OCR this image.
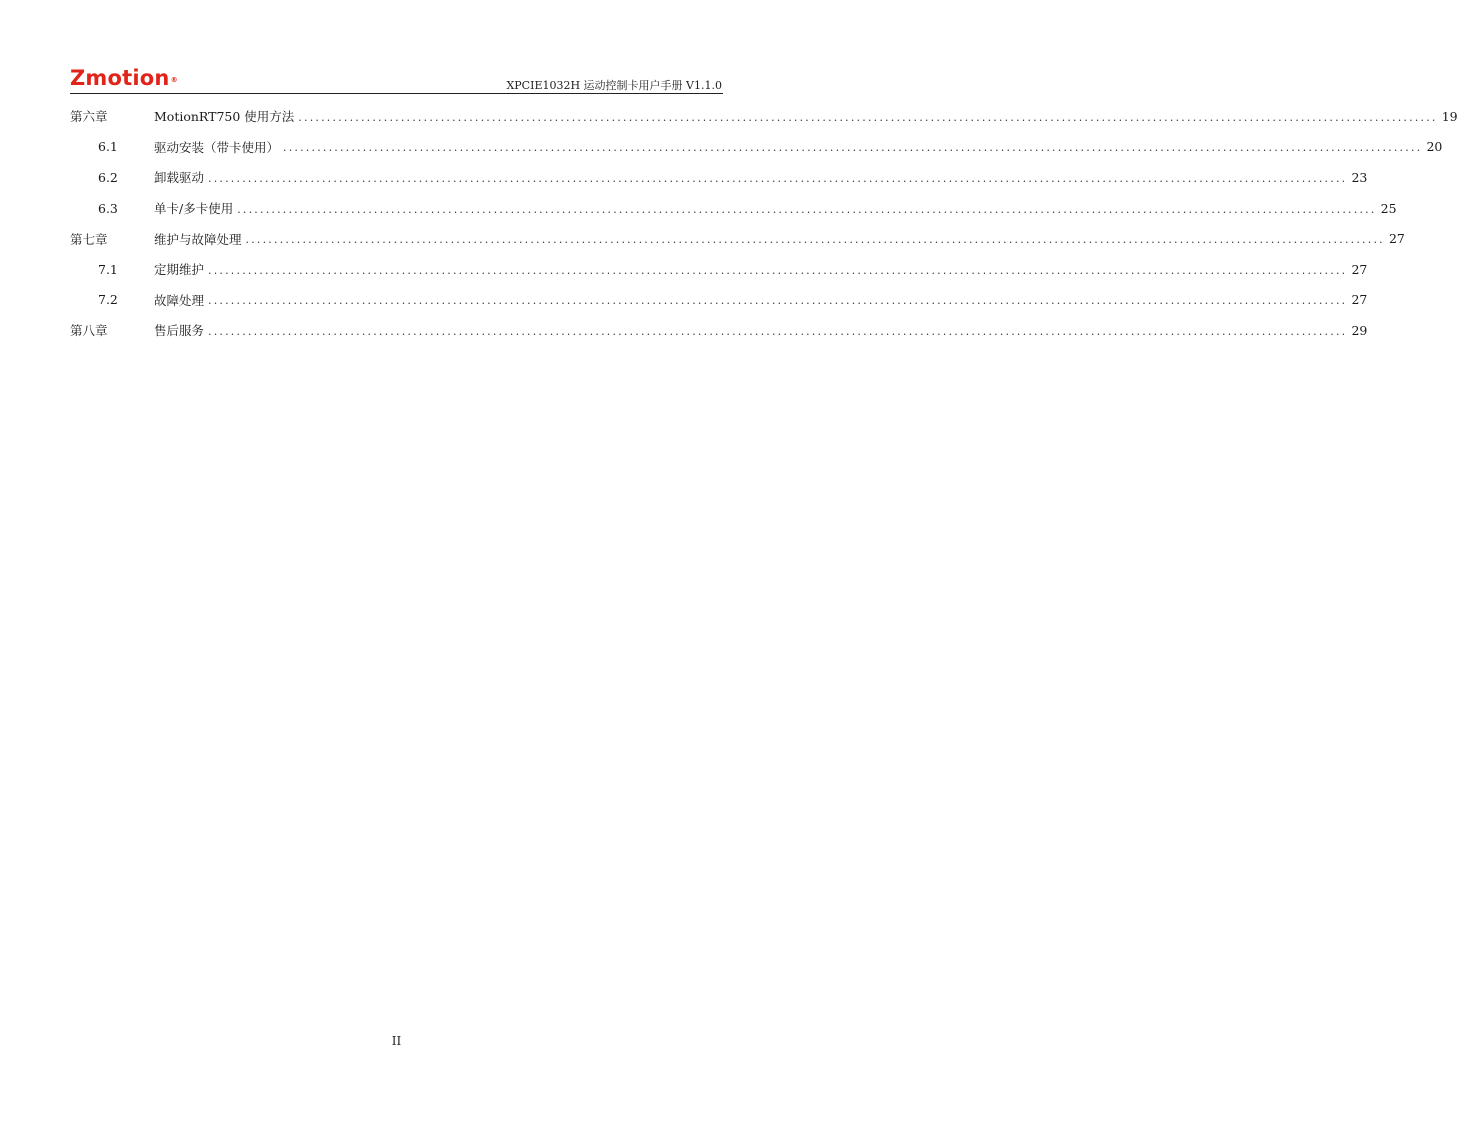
Zmotion®	XPCIE1032H 运动控制卡用户手册 V1.1.0
第六章	MotionRT750 使用方法 ........................................................................................................................................................................................................ 19
6.1	驱动安装（带卡使用） ........................................................................................................................................................................................................ 20
6.2	卸载驱动 ........................................................................................................................................................................................................ 23
6.3	单卡/多卡使用 ........................................................................................................................................................................................................ 25
第七章	维护与故障处理 ........................................................................................................................................................................................................ 27
7.1	定期维护 ........................................................................................................................................................................................................ 27
7.2	故障处理 ........................................................................................................................................................................................................ 27
第八章	售后服务 ........................................................................................................................................................................................................ 29
II
